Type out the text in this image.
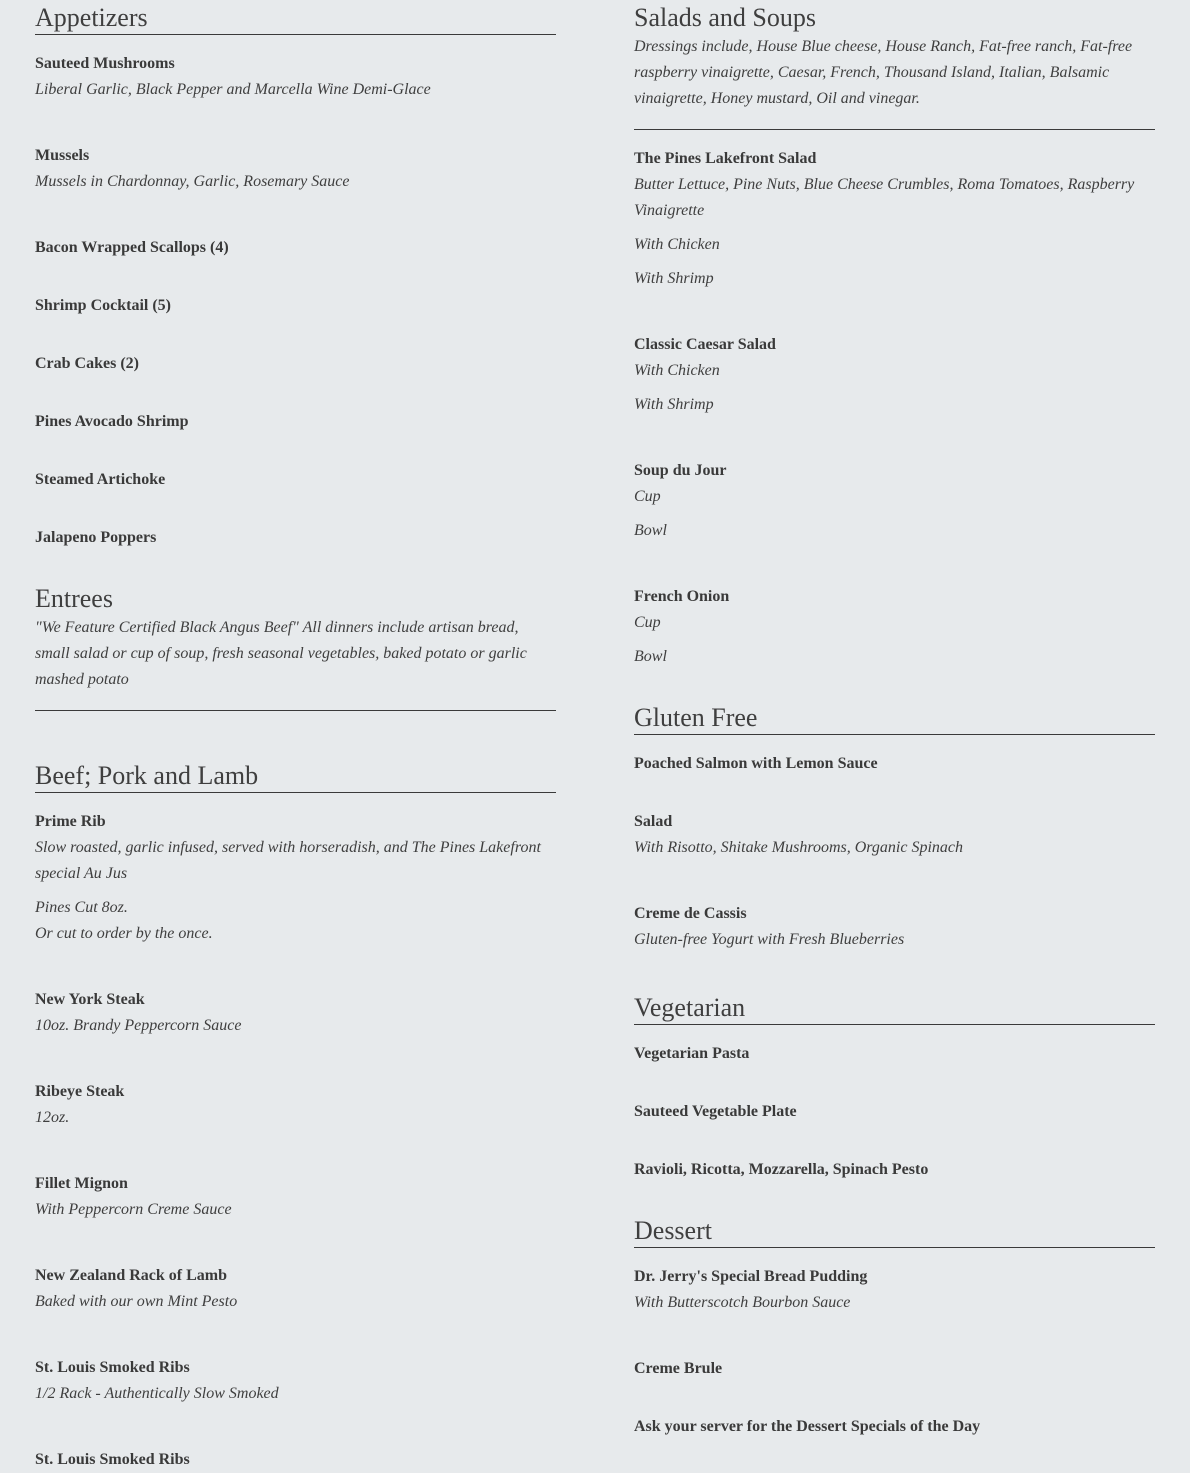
Appetizers

Sauteed Mushrooms

Liberal Garlic, Black Pepper and Marcella Wine Demi-Glace

Mussels

Mussels in Chardonnay, Garlic, Rosemary Sauce

Bacon Wrapped Scallops (4)

Shrimp Cocktail (5)

Crab Cakes (2)

Pines Avocado Shrimp

Steamed Artichoke

Jalapeno Poppers

Entrees

"We Feature Certified Black Angus Beef" All dinners include artisan bread, small salad or cup of soup, fresh seasonal vegetables, baked potato or garlic mashed potato

Beef; Pork and Lamb

Prime Rib

Slow roasted, garlic infused, served with horseradish, and The Pines Lakefront special Au Jus

Pines Cut 8oz.

Or cut to order by the once.

New York Steak

10oz. Brandy Peppercorn Sauce

Ribeye Steak

12oz.

Fillet Mignon

With Peppercorn Creme Sauce

New Zealand Rack of Lamb

Baked with our own Mint Pesto

St. Louis Smoked Ribs

1/2 Rack - Authentically Slow Smoked

St. Louis Smoked Ribs

Salads and Soups

Dressings include, House Blue cheese, House Ranch, Fat-free ranch, Fat-free raspberry vinaigrette, Caesar, French, Thousand Island, Italian, Balsamic vinaigrette, Honey mustard, Oil and vinegar.

The Pines Lakefront Salad

Butter Lettuce, Pine Nuts, Blue Cheese Crumbles, Roma Tomatoes, Raspberry Vinaigrette

With Chicken

With Shrimp

Classic Caesar Salad

With Chicken

With Shrimp

Soup du Jour

Cup

Bowl

French Onion

Cup

Bowl

Gluten Free

Poached Salmon with Lemon Sauce

Salad

With Risotto, Shitake Mushrooms, Organic Spinach

Creme de Cassis

Gluten-free Yogurt with Fresh Blueberries

Vegetarian

Vegetarian Pasta

Sauteed Vegetable Plate

Ravioli, Ricotta, Mozzarella, Spinach Pesto

Dessert

Dr. Jerry's Special Bread Pudding

With Butterscotch Bourbon Sauce

Creme Brule

Ask your server for the Dessert Specials of the Day
